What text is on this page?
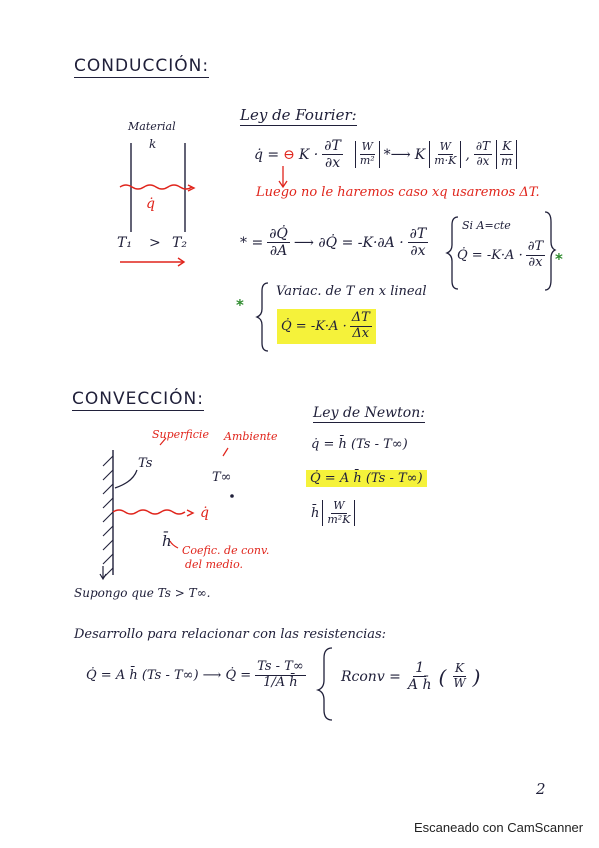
CONDUCCIÓN:
Material
k
q̇
T₁ > T₂
Ley de Fourier:
q̇ = ⊖ $K \cdot \frac{\partial T}{\partial x} \frac{W}{\text{m²}}$ *⟶ K $\frac{W}{m\cdot K}$ , $\frac{\partial T}{\partial x} \frac{K}{m}$
Luego no le haremos caso xq usaremos ΔT.
* = $\frac{\partial Q̇}{\partial A}$ ⟶ ∂Q̇ = $-K\cdot\partial A \cdot \frac{\partial T}{\partial x}$
Si A=cte
Q̇ = $-K\cdot A \cdot \frac{\partial T}{\partial x}$ *
*
Variac. de T en x lineal
Q̇ = $-K\cdot A \cdot \frac{\Delta T}{\Delta x}$
CONVECCIÓN:
Superficie Ambiente
Ts
T∞
q̇
h̄
Coefic. de conv.
del medio.
Supongo que Ts > T∞.
Ley de Newton:
q̇ = h̄ (Ts - T∞)
Q̇ = A h̄ (Ts - T∞)
h̄ $\frac{W}{\text{m²K}}$
Desarrollo para relacionar con las resistencias:
Q̇ = A h̄ (Ts - T∞) ⟶ Q̇ = $\frac{Ts - T\infty}{\text{1/A h̄}}$	Rconv = $\frac{1}{\text{A h̄}}$ ( $\frac{K}{W}$ )
2
Escaneado con CamScanner
